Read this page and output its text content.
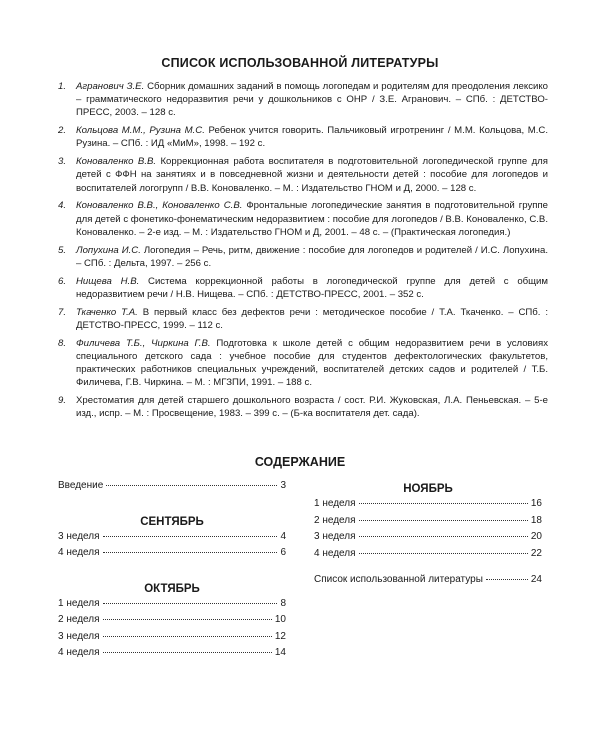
СПИСОК ИСПОЛЬЗОВАННОЙ ЛИТЕРАТУРЫ
1. Агранович З.Е. Сборник домашних заданий в помощь логопедам и родителям для преодоления лексико – грамматического недоразвития речи у дошкольников с ОНР / З.Е. Агранович. – СПб. : ДЕТСТВО-ПРЕСС, 2003. – 128 с.
2. Кольцова М.М., Рузина М.С. Ребенок учится говорить. Пальчиковый игротренинг / М.М. Кольцова, М.С. Рузина. – СПб. : ИД «МиМ», 1998. – 192 с.
3. Коноваленко В.В. Коррекционная работа воспитателя в подготовительной логопедической группе для детей с ФФН на занятиях и в повседневной жизни и деятельности детей : пособие для логопедов и воспитателей логогрупп / В.В. Коноваленко. – М. : Издательство ГНОМ и Д, 2000. – 128 с.
4. Коноваленко В.В., Коноваленко С.В. Фронтальные логопедические занятия в подготовительной группе для детей с фонетико-фонематическим недоразвитием : пособие для логопедов / В.В. Коноваленко, С.В. Коноваленко. – 2-е изд. – М. : Издательство ГНОМ и Д, 2001. – 48 с. – (Практическая логопедия.)
5. Лопухина И.С. Логопедия – Речь, ритм, движение : пособие для логопедов и родителей / И.С. Лопухина. – СПб. : Дельта, 1997. – 256 с.
6. Нищева Н.В. Система коррекционной работы в логопедической группе для детей с общим недоразвитием речи / Н.В. Нищева. – СПб. : ДЕТСТВО-ПРЕСС, 2001. – 352 с.
7. Ткаченко Т.А. В первый класс без дефектов речи : методическое пособие / Т.А. Ткаченко. – СПб. : ДЕТСТВО-ПРЕСС, 1999. – 112 с.
8. Филичева Т.Б., Чиркина Г.В. Подготовка к школе детей с общим недоразвитием речи в условиях специального детского сада : учебное пособие для студентов дефектологических факультетов, практических работников специальных учреждений, воспитателей детских садов и родителей / Т.Б. Филичева, Г.В. Чиркина. – М. : МГЗПИ, 1991. – 188 с.
9. Хрестоматия для детей старшего дошкольного возраста / сост. Р.И. Жуковская, Л.А. Пеньевская. – 5-е изд., испр. – М. : Просвещение, 1983. – 399 с. – (Б-ка воспитателя дет. сада).
СОДЕРЖАНИЕ
Введение	3
СЕНТЯБРЬ
3 неделя	4
4 неделя	6
ОКТЯБРЬ
1 неделя	8
2 неделя	10
3 неделя	12
4 неделя	14
НОЯБРЬ
1 неделя	16
2 неделя	18
3 неделя	20
4 неделя	22
Список использованной литературы	24
